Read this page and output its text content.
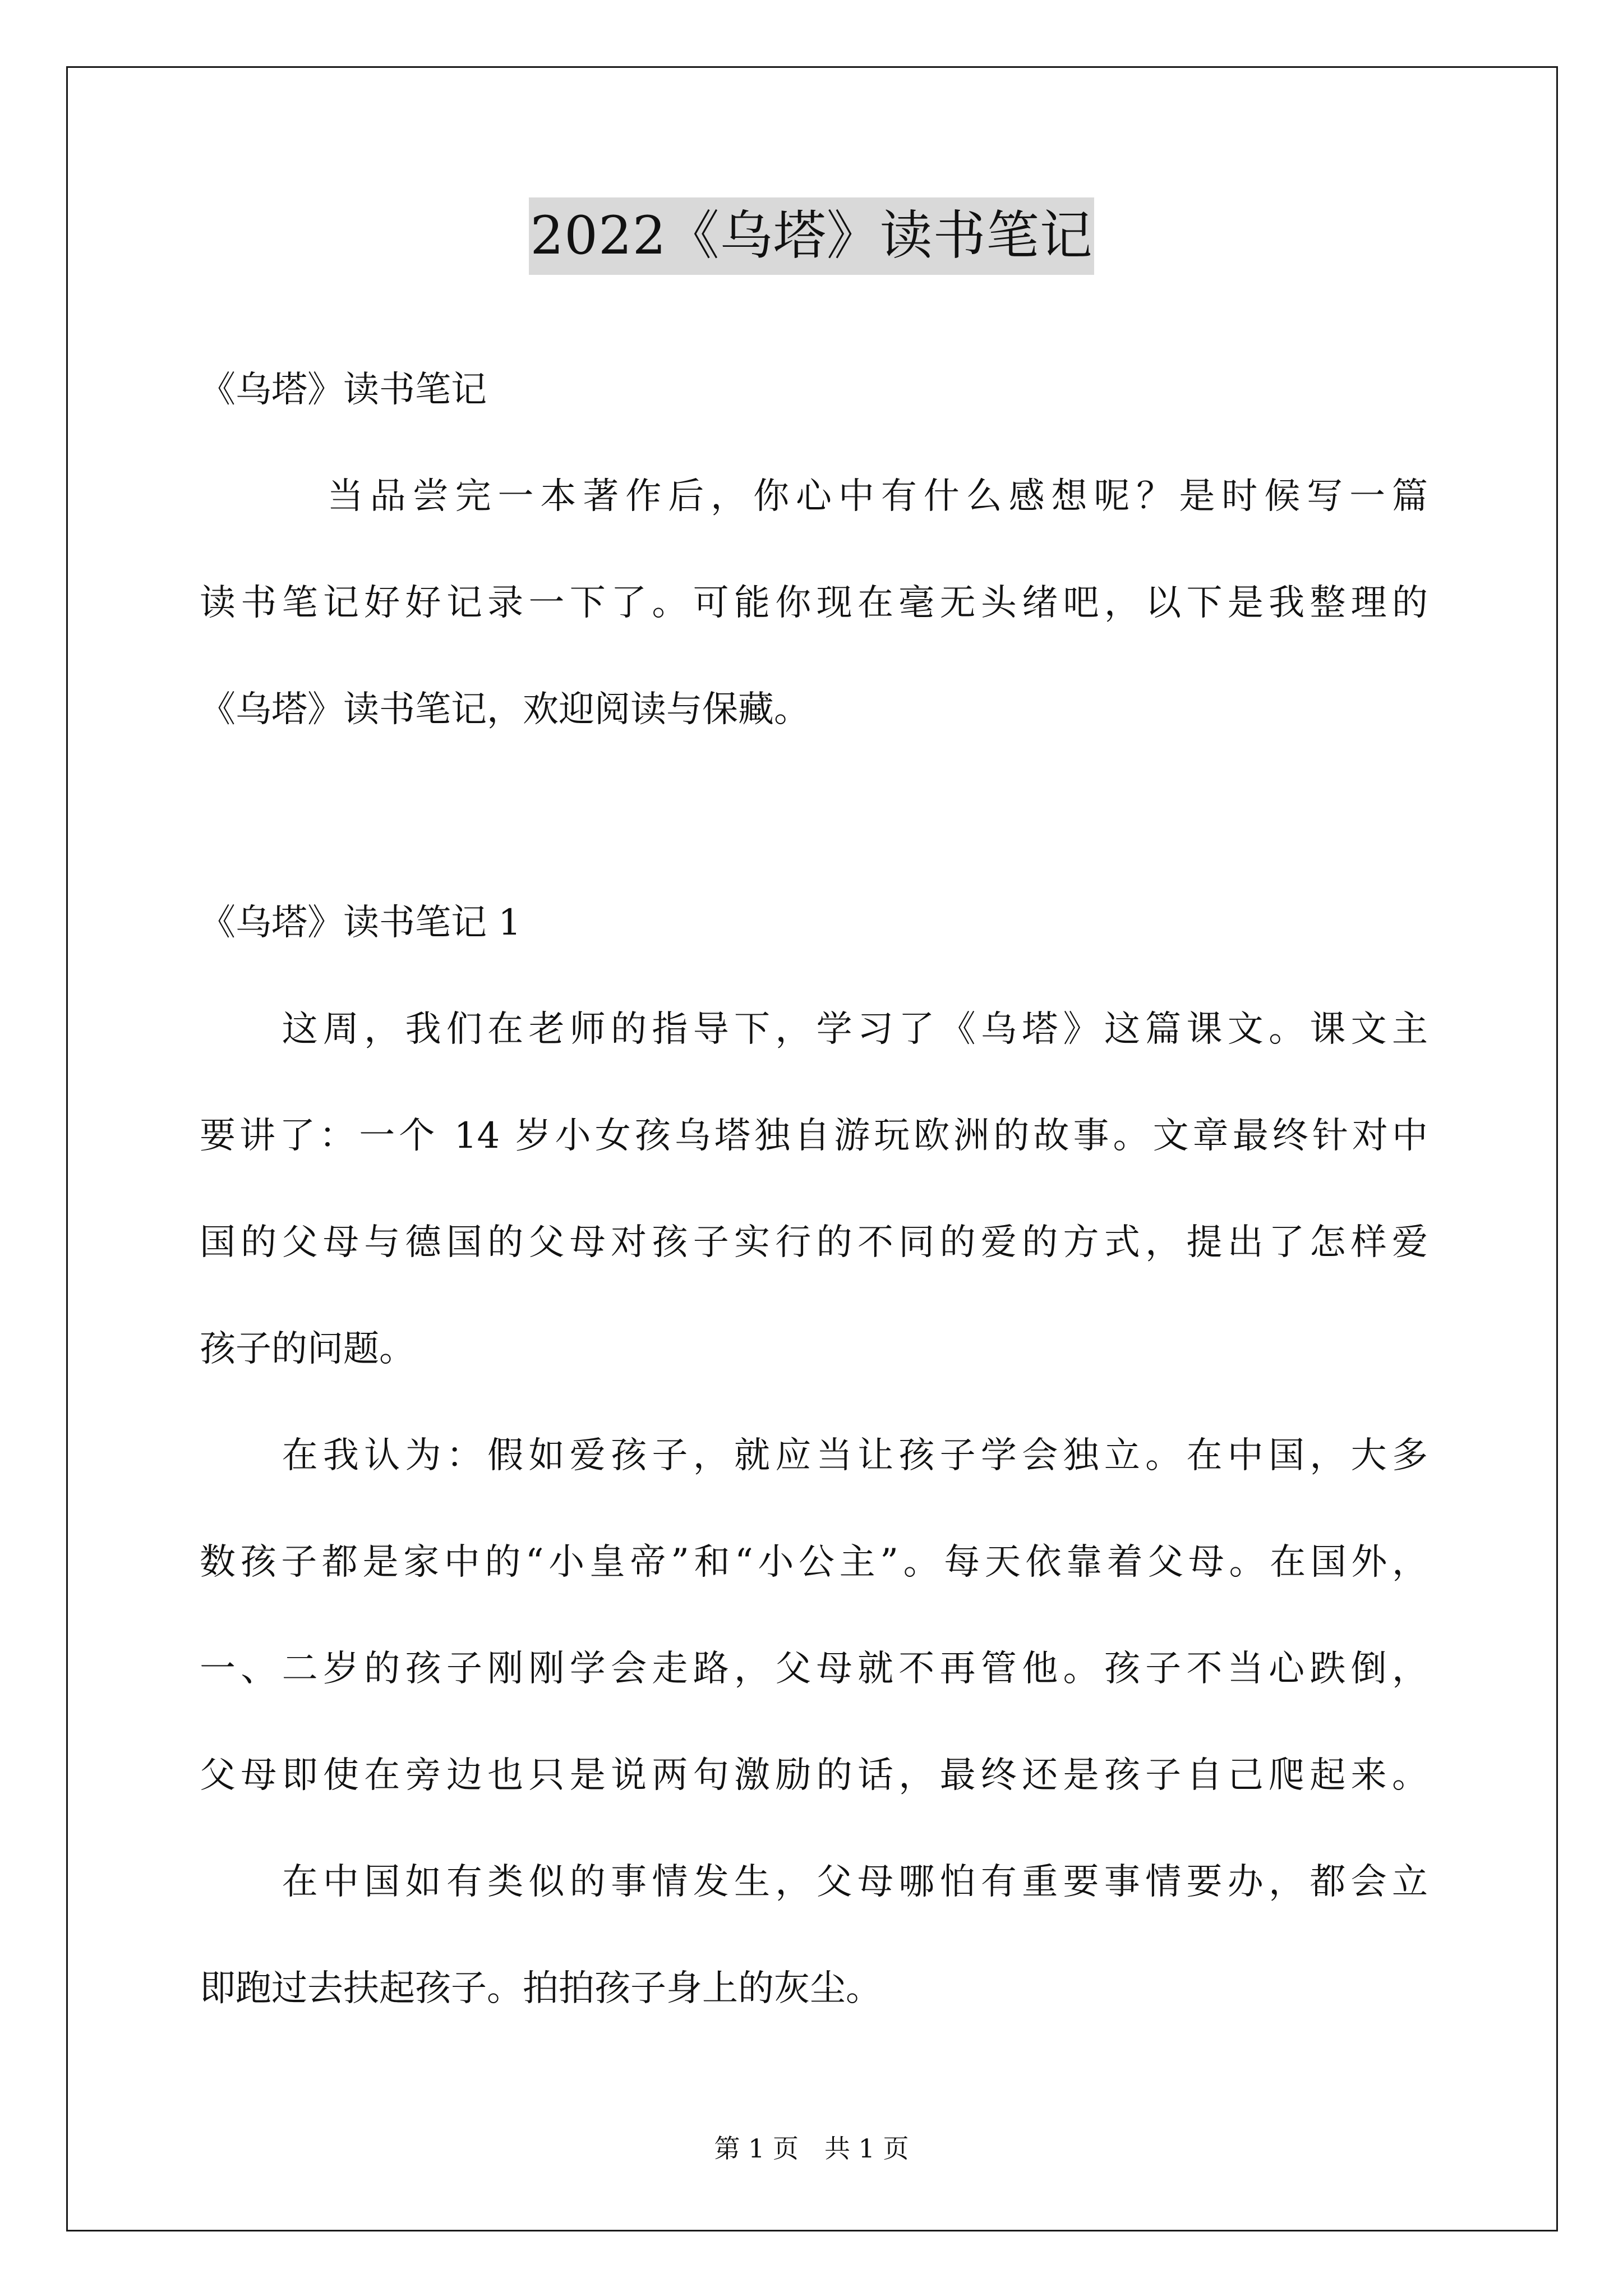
2022《乌塔》读书笔记
《乌塔》读书笔记
　　　当品尝完一本著作后，你心中有什么感想呢？是时候写一篇
读书笔记好好记录一下了。可能你现在毫无头绪吧，以下是我整理的
《乌塔》读书笔记，欢迎阅读与保藏。
《乌塔》读书笔记 1
　　这周，我们在老师的指导下，学习了《乌塔》这篇课文。课文主
要讲了：一个 14 岁小女孩乌塔独自游玩欧洲的故事。文章最终针对中
国的父母与德国的父母对孩子实行的不同的爱的方式，提出了怎样爱
孩子的问题。
　　在我认为：假如爱孩子，就应当让孩子学会独立。在中国，大多
数孩子都是家中的“小皇帝”和“小公主”。每天依靠着父母。在国外，
一、二岁的孩子刚刚学会走路，父母就不再管他。孩子不当心跌倒，
父母即使在旁边也只是说两句激励的话，最终还是孩子自己爬起来。
　　在中国如有类似的事情发生，父母哪怕有重要事情要办，都会立
即跑过去扶起孩子。拍拍孩子身上的灰尘。
第 1 页 共 1 页
